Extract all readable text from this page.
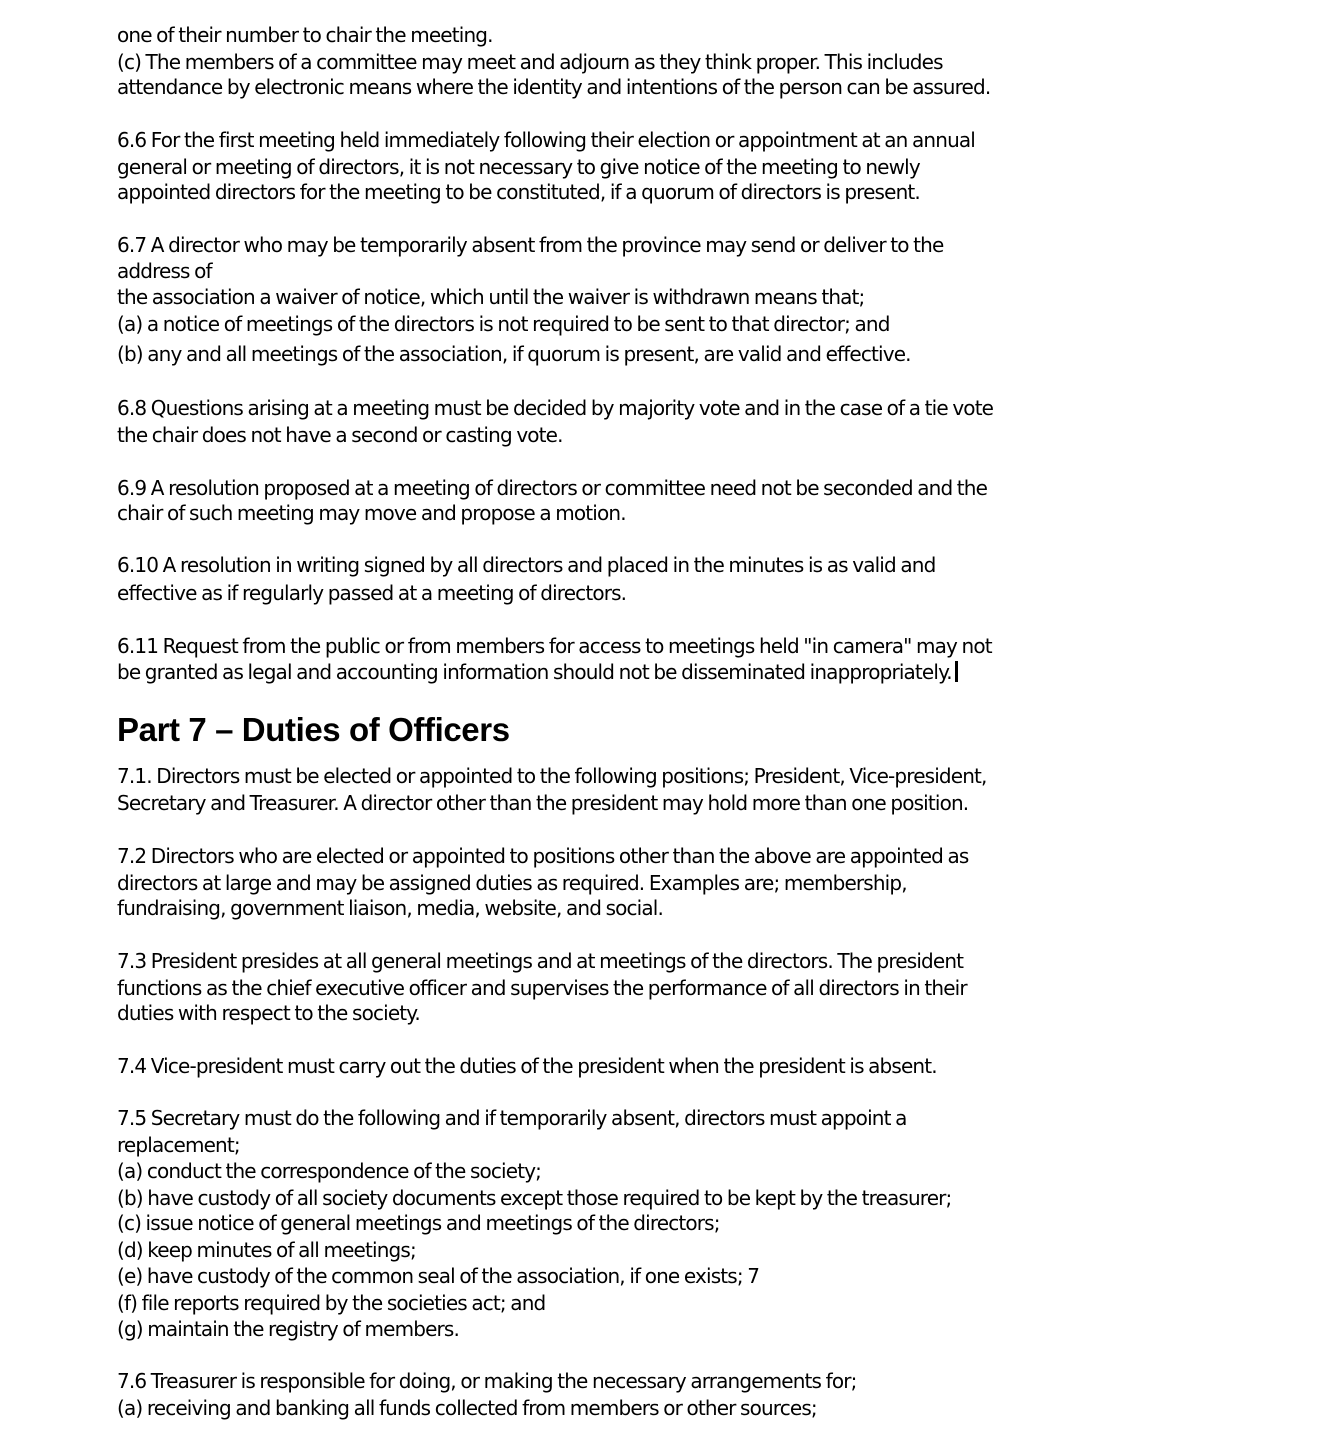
one of their number to chair the meeting.

(c) The members of a committee may meet and adjourn as they think proper. This includes

attendance by electronic means where the identity and intentions of the person can be assured.

6.6 For the first meeting held immediately following their election or appointment at an annual

general or meeting of directors, it is not necessary to give notice of the meeting to newly

appointed directors for the meeting to be constituted, if a quorum of directors is present.

6.7 A director who may be temporarily absent from the province may send or deliver to the

address of

the association a waiver of notice, which until the waiver is withdrawn means that;

(a) a notice of meetings of the directors is not required to be sent to that director; and

(b) any and all meetings of the association, if quorum is present, are valid and effective.

6.8 Questions arising at a meeting must be decided by majority vote and in the case of a tie vote

the chair does not have a second or casting vote.

6.9 A resolution proposed at a meeting of directors or committee need not be seconded and the

chair of such meeting may move and propose a motion.

6.10 A resolution in writing signed by all directors and placed in the minutes is as valid and

effective as if regularly passed at a meeting of directors.

6.11 Request from the public or from members for access to meetings held "in camera" may not

be granted as legal and accounting information should not be disseminated inappropriately.

Part 7 – Duties of Officers

7.1. Directors must be elected or appointed to the following positions; President, Vice-president,

Secretary and Treasurer. A director other than the president may hold more than one position.

7.2 Directors who are elected or appointed to positions other than the above are appointed as

directors at large and may be assigned duties as required. Examples are; membership,

fundraising, government liaison, media, website, and social.

7.3 President presides at all general meetings and at meetings of the directors. The president

functions as the chief executive officer and supervises the performance of all directors in their

duties with respect to the society.

7.4 Vice-president must carry out the duties of the president when the president is absent.

7.5 Secretary must do the following and if temporarily absent, directors must appoint a

replacement;

(a) conduct the correspondence of the society;

(b) have custody of all society documents except those required to be kept by the treasurer;

(c) issue notice of general meetings and meetings of the directors;

(d) keep minutes of all meetings;

(e) have custody of the common seal of the association, if one exists; 7

(f) file reports required by the societies act; and

(g) maintain the registry of members.

7.6 Treasurer is responsible for doing, or making the necessary arrangements for;

(a) receiving and banking all funds collected from members or other sources;
